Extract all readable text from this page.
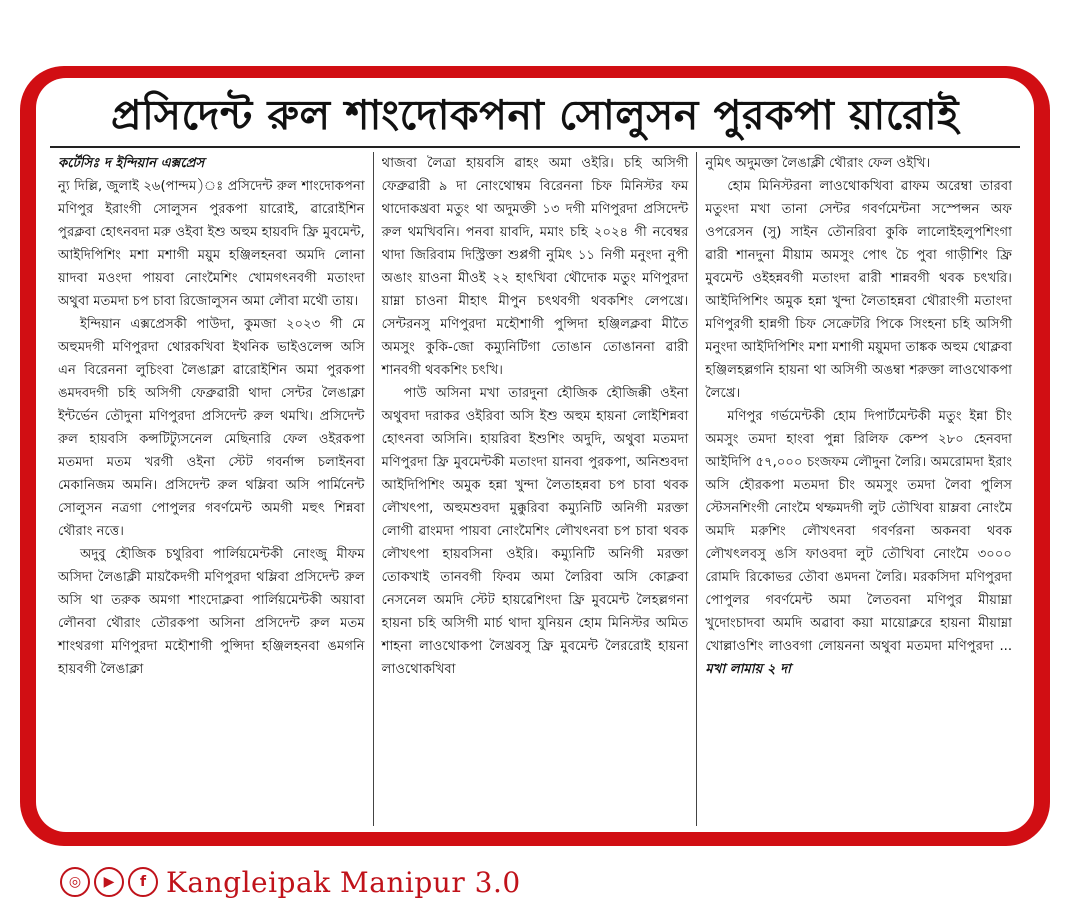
প্রসিদেন্ট রুল শাংদোকপনা সোলুসন পুরকপা য়ারোই
কর্টেসিঃ দ ইন্দিয়ান এক্সপ্রেস

ন্যু দিল্লি, জুলাই ২৬(পান্দম)ঃ প্রসিদেন্ট রুল শাংদোকপনা মণিপুর ইরাংগী সোলুসন পুরকপা য়ারোই, ৱারোইশিন পুরক্লবা হোৎনবদা মরু ওইবা ইশু অহুম হায়বদি ফ্রি মুবমেন্ট, আইদিপিশিং মশা মশাগী ময়ুম হঞ্জিলহনবা অমদি লোনা য়াদবা মওংদা পায়বা নোংমৈশিং খোমগৎনবগী মতাংদা অথুবা মতমদা চপ চাবা রিজোলুসন অমা লৌবা মথৌ তায়।

ইন্দিয়ান এক্সপ্রেসকী পাউদা, কুমজা ২০২৩ গী মে অহুমদগী মণিপুরদা থোরকখিবা ইথনিক ভাইওলেন্স অসি এন বিরেননা লুচিংবা লৈঙাক্লা ৱারোইশিন অমা পুরকপা ঙমদবদগী চহি অসিগী ফেব্রুৱারী থাদা সেন্টর লৈঙাক্লা ইন্টর্ভেন তৌদুনা মণিপুরদা প্রসিদেন্ট রুল থমখি। প্রসিদেন্ট রুল হায়বসি কন্সটিট্যুসনেল মেছিনারি ফেল ওইরকপা মতমদা মতম খরগী ওইনা স্টেট গবর্নান্স চলাইনবা মেকানিজম অমনি। প্রসিদেন্ট রুল থম্লিবা অসি পার্মিনেন্ট সোলুসন নত্রগা পোপুলর গবর্ণমেন্ট অমগী মহুৎ শিন্নবা থৌরাং নত্তে।

অদুবু হৌজিক চথুরিবা পার্লিয়মেন্টকী নোংজু মীফম অসিদা লৈঙাক্লী মায়কৈদগী মণিপুরদা থম্লিবা প্রসিদেন্ট রুল অসি থা তরুক অমগা শাংদোক্লবা পার্লিয়মেন্টকী অয়াবা লৌনবা থৌরাং তৌরকপা অসিনা প্রসিদেন্ট রুল মতম শাংথরগা মণিপুরদা মহৌশাগী পুন্সিদা হঞ্জিলহনবা ঙমগনি হায়বগী লৈঙাক্লা

থাজবা লৈত্রা হায়বসি ৱাহং অমা ওইরি। চহি অসিগী ফেব্রুৱারী ৯ দা নোংথোম্বম বিরেননা চিফ মিনিস্টর ফম থাদোকখ্রবা মতুং থা অদুমক্তী ১৩ দগী মণিপুরদা প্রসিদেন্ট রুল থমখিবনি। পনবা য়াবদি, মমাং চহি ২০২৪ গী নবেম্বর থাদা জিরিবাম দিস্ট্রিক্তা শুপ্পগী নুমিৎ ১১ নিগী মনুংদা নুপী অঙাং য়াওনা মীওই ২২ হাৎখিবা থৌদোক মতুং মণিপুরদা য়াম্না চাওনা মীহাৎ মীপুন চৎথবগী থবকশিং লেপখ্রে। সেন্টরনসু মণিপুরদা মহৌশাগী পুন্সিদা হঞ্জিলক্লবা মীতৈ অমসুং কুকি-জো কম্যুনিটিগা তোঙান তোঙাননা ৱারী শানবগী থবকশিং চৎখি।

পাউ অসিনা মখা তারদুনা হৌজিক হৌজিক্কী ওইনা অথুবদা দরাকর ওইরিবা অসি ইশু অহুম হায়না লোইশিন্নবা হোৎনবা অসিনি। হায়রিবা ইশুশিং অদুদি, অথুবা মতমদা মণিপুরদা ফ্রি মুবমেন্টকী মতাংদা য়ানবা পুরকপা, অনিশুবদা আইদিপিশিং অমুক হন্না খুন্দা লৈতাহন্নবা চপ চাবা থবক লৌখৎপা, অহুমশুবদা মুক্কুরিবা কম্যুনিটি অনিগী মরক্তা লোগী ৱাংমদা পায়বা নোংমৈশিং লৌখৎনবা চপ চাবা থবক লৌখৎপা হায়বসিনা ওইরি। কম্যুনিটি অনিগী মরক্তা তোকখাই তানবগী ফিবম অমা লৈরিবা অসি কোক্লবা নেসনেল অমদি স্টেট হায়ৱেশিংদা ফ্রি মুবমেন্ট লৈহল্লগনা হায়না চহি অসিগী মার্চ থাদা যুনিয়ন হোম মিনিস্টর অমিত শাহনা লাওথোকপা লৈখ্রবসু ফ্রি মুবমেন্ট লৈররোই হায়না লাওথোকখিবা

নুমিৎ অদুমক্তা লৈঙাক্লী থৌরাং ফেল ওইখি।

হোম মিনিস্টরনা লাওথোকখিবা ৱাফম অরেম্বা তারবা মতুংদা মখা তানা সেন্টর গবর্ণমেন্টনা সস্পেন্সন অফ ওপরেসন (সু) সাইন তৌনরিবা কুকি লালোইহলুপশিংগা ৱারী শানদুনা মীয়াম অমসুং পোৎ চৈ পুবা গাড়ীশিং ফ্রি মুবমেন্ট ওইহন্নবগী মতাংদা ৱারী শান্নবগী থবক চৎখরি। আইদিপিশিং অমুক হন্না খুন্দা লৈতাহন্নবা থৌরাংগী মতাংদা মণিপুরগী হান্নগী চিফ সেক্রেটরি পিকে সিংহনা চহি অসিগী মনুংদা আইদিপিশিং মশা মশাগী ময়ুমদা তাঙ্কক অহুম থোক্লবা হঞ্জিলহল্লগনি হায়না থা অসিগী অঙম্বা শরুক্তা লাওথোকপা লৈখ্রে।

মণিপুর গর্ভমেন্টকী হোম দিপার্টমেন্টকী মতুং ইন্না চীং অমসুং তমদা হাংবা পুন্না রিলিফ কেম্প ২৮০ হেনবদা আইদিপি ৫৭,০০০ চংজফম লৌদুনা লৈরি। অমরোমদা ইরাং অসি হৌরকপা মতমদা চীং অমসুং তমদা লৈবা পুলিস স্টেসনশিংগী নোংমৈ থম্ফমদগী লুট তৌখিবা য়াম্লবা নোংমৈ অমদি মরুশিং লৌখৎনবা গবর্ণরনা অকনবা থবক লৌখৎলবসু ঙসি ফাওবদা লুট তৌখিবা নোংমৈ ৩০০০ রোমদি রিকোভর তৌবা ঙমদনা লৈরি। মরকসিদা মণিপুরদা পোপুলর গবর্ণমেন্ট অমা লৈতবনা মণিপুর মীয়াম্না খুদোংচাদবা অমদি অৱাবা কয়া মায়োক্লরে হায়না মীয়াম্না খোল্লাওশিং লাওবগা লোয়ননা অথুবা মতমদা মণিপুরদা ... মখা লামায় ২ দা

◎	▶	f Kangleipak Manipur 3.0
